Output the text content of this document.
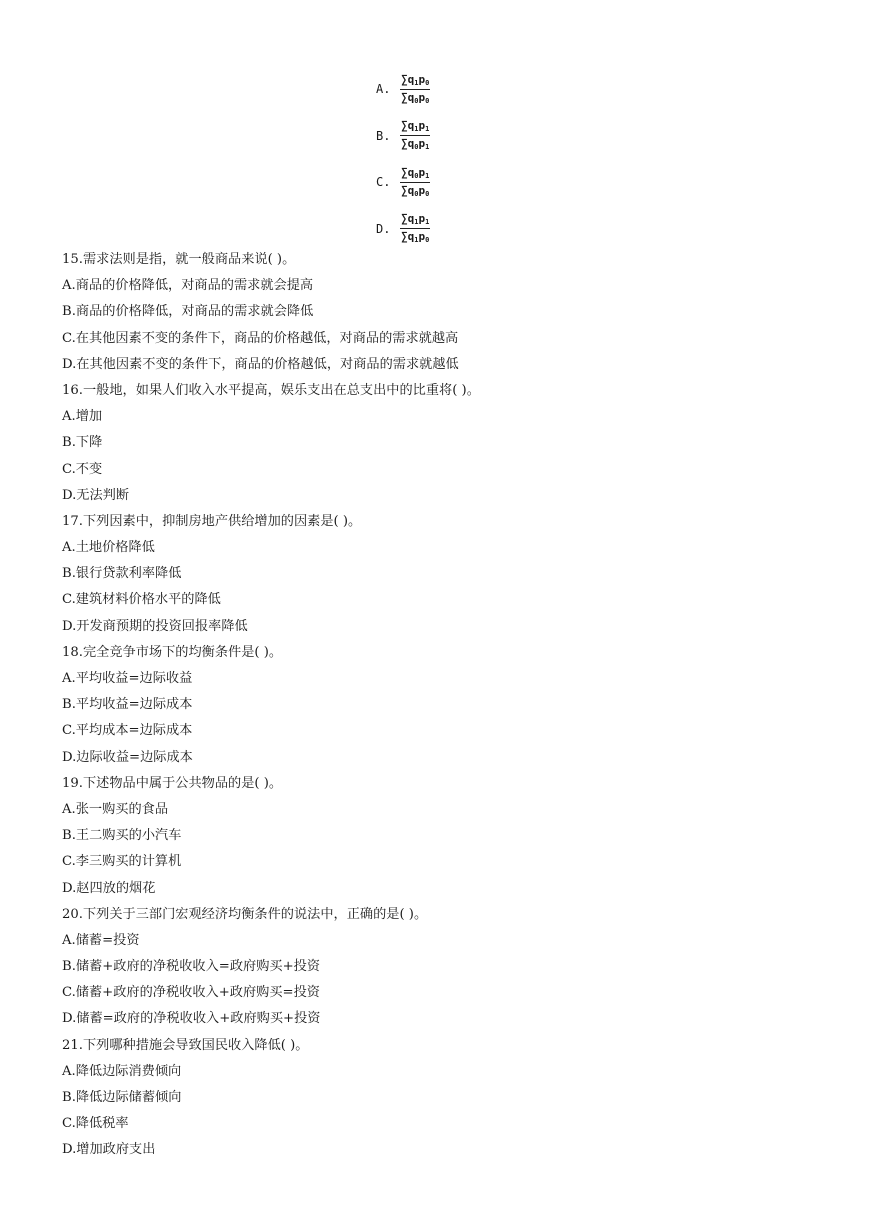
A. $\frac{\sum q_1p_0}{\sum q_0p_0}$
B. $\frac{\sum q_1p_1}{\sum q_0p_1}$
C. $\frac{\sum q_0p_1}{\sum q_0p_0}$
D. $\frac{\sum q_1p_1}{\sum q_1p_0}$
15.需求法则是指，就一般商品来说( )。
A.商品的价格降低，对商品的需求就会提高
B.商品的价格降低，对商品的需求就会降低
C.在其他因素不变的条件下，商品的价格越低，对商品的需求就越高
D.在其他因素不变的条件下，商品的价格越低，对商品的需求就越低
16.一般地，如果人们收入水平提高，娱乐支出在总支出中的比重将( )。
A.增加
B.下降
C.不变
D.无法判断
17.下列因素中，抑制房地产供给增加的因素是( )。
A.土地价格降低
B.银行贷款利率降低
C.建筑材料价格水平的降低
D.开发商预期的投资回报率降低
18.完全竞争市场下的均衡条件是( )。
A.平均收益=边际收益
B.平均收益=边际成本
C.平均成本=边际成本
D.边际收益=边际成本
19.下述物品中属于公共物品的是( )。
A.张一购买的食品
B.王二购买的小汽车
C.李三购买的计算机
D.赵四放的烟花
20.下列关于三部门宏观经济均衡条件的说法中，正确的是( )。
A.储蓄=投资
B.储蓄+政府的净税收收入=政府购买+投资
C.储蓄+政府的净税收收入+政府购买=投资
D.储蓄=政府的净税收收入+政府购买+投资
21.下列哪种措施会导致国民收入降低( )。
A.降低边际消费倾向
B.降低边际储蓄倾向
C.降低税率
D.增加政府支出
